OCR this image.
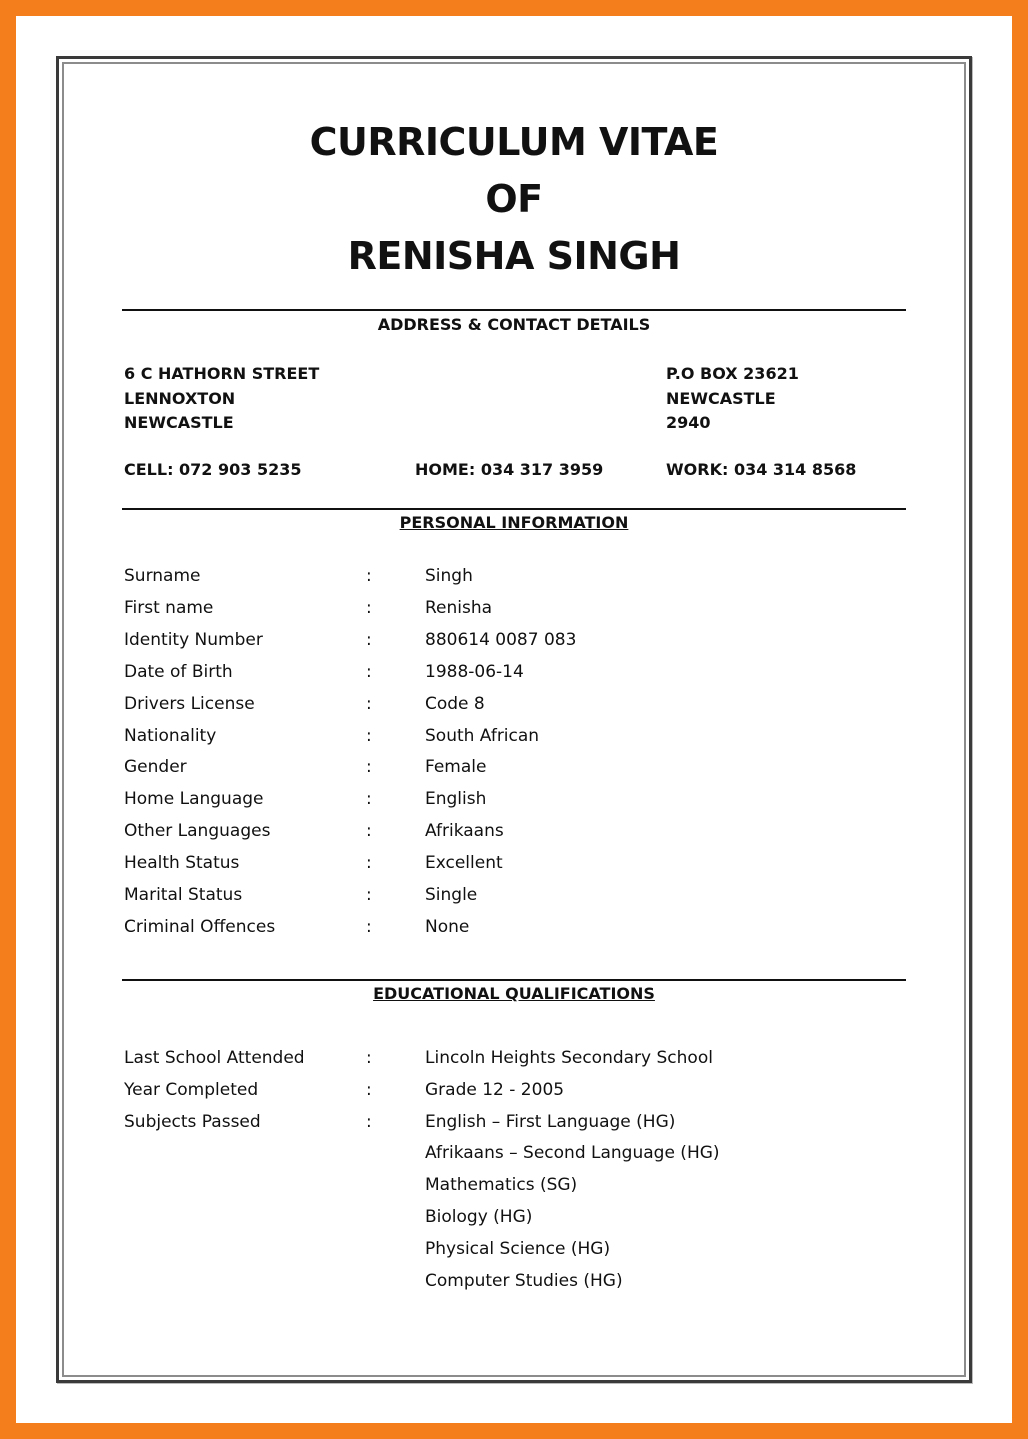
CURRICULUM VITAE
OF
RENISHA SINGH
ADDRESS & CONTACT DETAILS
6 C HATHORN STREET
LENNOXTON
NEWCASTLE
P.O BOX 23621
NEWCASTLE
2940
CELL: 072 903 5235	HOME: 034 317 3959	WORK: 034 314 8568
PERSONAL INFORMATION
Surname	:	Singh
First name	:	Renisha
Identity Number	:	880614 0087 083
Date of Birth	:	1988-06-14
Drivers License	:	Code 8
Nationality	:	South African
Gender	:	Female
Home Language	:	English
Other Languages	:	Afrikaans
Health Status	:	Excellent
Marital Status	:	Single
Criminal Offences	:	None
EDUCATIONAL QUALIFICATIONS
Last School Attended	:	Lincoln Heights Secondary School
Year Completed	:	Grade 12 - 2005
Subjects Passed	:	English – First Language (HG)
Afrikaans – Second Language (HG)
Mathematics (SG)
Biology (HG)
Physical Science (HG)
Computer Studies (HG)
